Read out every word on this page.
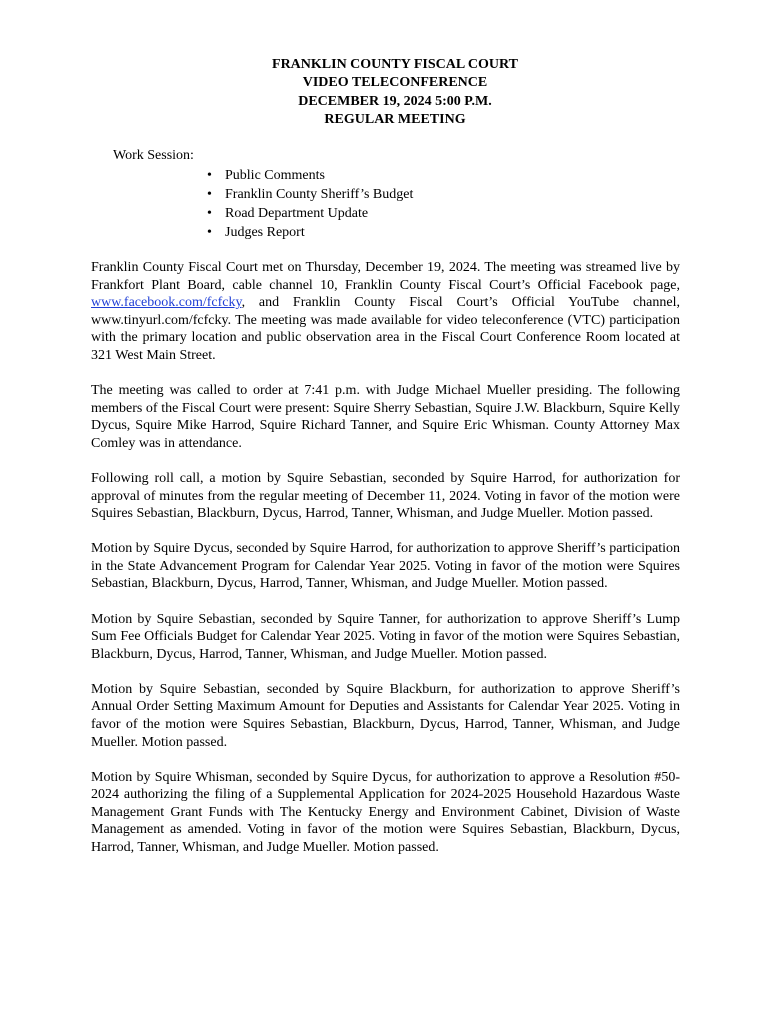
FRANKLIN COUNTY FISCAL COURT
VIDEO TELECONFERENCE
DECEMBER 19, 2024 5:00 P.M.
REGULAR MEETING
Work Session:
• Public Comments
• Franklin County Sheriff’s Budget
• Road Department Update
• Judges Report

Franklin County Fiscal Court met on Thursday, December 19, 2024. The meeting was streamed live by Frankfort Plant Board, cable channel 10, Franklin County Fiscal Court’s Official Facebook page, www.facebook.com/fcfcky, and Franklin County Fiscal Court’s Official YouTube channel, www.tinyurl.com/fcfcky. The meeting was made available for video teleconference (VTC) participation with the primary location and public observation area in the Fiscal Court Conference Room located at 321 West Main Street.

The meeting was called to order at 7:41 p.m. with Judge Michael Mueller presiding. The following members of the Fiscal Court were present: Squire Sherry Sebastian, Squire J.W. Blackburn, Squire Kelly Dycus, Squire Mike Harrod, Squire Richard Tanner, and Squire Eric Whisman. County Attorney Max Comley was in attendance.

Following roll call, a motion by Squire Sebastian, seconded by Squire Harrod, for authorization for approval of minutes from the regular meeting of December 11, 2024. Voting in favor of the motion were Squires Sebastian, Blackburn, Dycus, Harrod, Tanner, Whisman, and Judge Mueller. Motion passed.

Motion by Squire Dycus, seconded by Squire Harrod, for authorization to approve Sheriff’s participation in the State Advancement Program for Calendar Year 2025. Voting in favor of the motion were Squires Sebastian, Blackburn, Dycus, Harrod, Tanner, Whisman, and Judge Mueller. Motion passed.

Motion by Squire Sebastian, seconded by Squire Tanner, for authorization to approve Sheriff’s Lump Sum Fee Officials Budget for Calendar Year 2025. Voting in favor of the motion were Squires Sebastian, Blackburn, Dycus, Harrod, Tanner, Whisman, and Judge Mueller. Motion passed.

Motion by Squire Sebastian, seconded by Squire Blackburn, for authorization to approve Sheriff’s Annual Order Setting Maximum Amount for Deputies and Assistants for Calendar Year 2025. Voting in favor of the motion were Squires Sebastian, Blackburn, Dycus, Harrod, Tanner, Whisman, and Judge Mueller. Motion passed.

Motion by Squire Whisman, seconded by Squire Dycus, for authorization to approve a Resolution #50-2024 authorizing the filing of a Supplemental Application for 2024-2025 Household Hazardous Waste Management Grant Funds with The Kentucky Energy and Environment Cabinet, Division of Waste Management as amended. Voting in favor of the motion were Squires Sebastian, Blackburn, Dycus, Harrod, Tanner, Whisman, and Judge Mueller. Motion passed.
